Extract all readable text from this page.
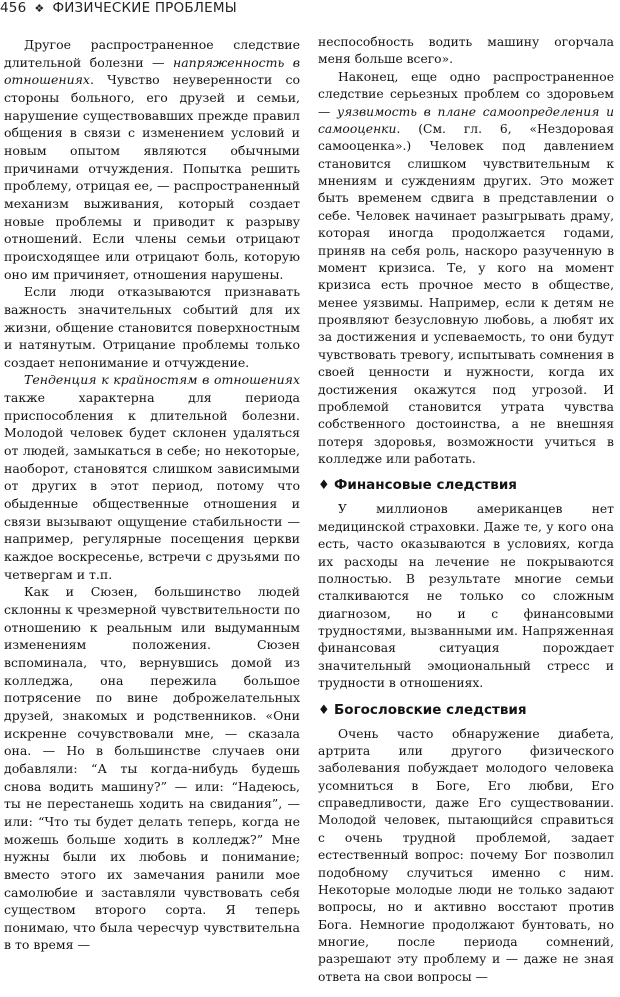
456 ❖ ФИЗИЧЕСКИЕ ПРОБЛЕМЫ

Другое распространенное следствие длительной болезни — напряженность в отношениях. Чувство неуверенности со стороны больного, его друзей и семьи, нарушение существовавших прежде правил общения в связи с изменением условий и новым опытом являются обычными причинами отчуждения. Попытка решить проблему, отрицая ее, — распространенный механизм выживания, который создает новые проблемы и приводит к разрыву отношений. Если члены семьи отрицают происходящее или отрицают боль, которую оно им причиняет, отношения нарушены.

Если люди отказываются признавать важность значительных событий для их жизни, общение становится поверхностным и натянутым. Отрицание проблемы только создает непонимание и отчуждение.

Тенденция к крайностям в отношениях также характерна для периода приспособления к длительной болезни. Молодой человек будет склонен удаляться от людей, замыкаться в себе; но некоторые, наоборот, становятся слишком зависимыми от других в этот период, потому что обыденные общественные отношения и связи вызывают ощущение стабильности — например, регулярные посещения церкви каждое воскресенье, встречи с друзьями по четвергам и т.п.

Как и Сюзен, большинство людей склонны к чрезмерной чувствительности по отношению к реальным или выдуманным изменениям положения. Сюзен вспоминала, что, вернувшись домой из колледжа, она пережила большое потрясение по вине доброжелательных друзей, знакомых и родственников. «Они искренне сочувствовали мне, — сказала она. — Но в большинстве случаев они добавляли: “А ты когда-нибудь будешь снова водить машину?” — или: “Надеюсь, ты не перестанешь ходить на свидания”, — или: “Что ты будет делать теперь, когда не можешь больше ходить в колледж?” Мне нужны были их любовь и понимание; вместо этого их замечания ранили мое самолюбие и заставляли чувствовать себя существом второго сорта. Я теперь понимаю, что была чересчур чувствительна в то время —

неспособность водить машину огорчала меня больше всего».

Наконец, еще одно распространенное следствие серьезных проблем со здоровьем — уязвимость в плане самоопределения и самооценки. (См. гл. 6, «Нездоровая самооценка».) Человек под давлением становится слишком чувствительным к мнениям и суждениям других. Это может быть временем сдвига в представлении о себе. Человек начинает разыгрывать драму, которая иногда продолжается годами, приняв на себя роль, наскоро разученную в момент кризиса. Те, у кого на момент кризиса есть прочное место в обществе, менее уязвимы. Например, если к детям не проявляют безусловную любовь, а любят их за достижения и успеваемость, то они будут чувствовать тревогу, испытывать сомнения в своей ценности и нужности, когда их достижения окажутся под угрозой. И проблемой становится утрата чувства собственного достоинства, а не внешняя потеря здоровья, возможности учиться в колледже или работать.

♦ Финансовые следствия

У миллионов американцев нет медицинской страховки. Даже те, у кого она есть, часто оказываются в условиях, когда их расходы на лечение не покрываются полностью. В результате многие семьи сталкиваются не только со сложным диагнозом, но и с финансовыми трудностями, вызванными им. Напряженная финансовая ситуация порождает значительный эмоциональный стресс и трудности в отношениях.

♦ Богословские следствия

Очень часто обнаружение диабета, артрита или другого физического заболевания побуждает молодого человека усомниться в Боге, Его любви, Его справедливости, даже Его существовании. Молодой человек, пытающийся справиться с очень трудной проблемой, задает естественный вопрос: почему Бог позволил подобному случиться именно с ним. Некоторые молодые люди не только задают вопросы, но и активно восстают против Бога. Немногие продолжают бунтовать, но многие, после периода сомнений, разрешают эту проблему и — даже не зная ответа на свои вопросы —
